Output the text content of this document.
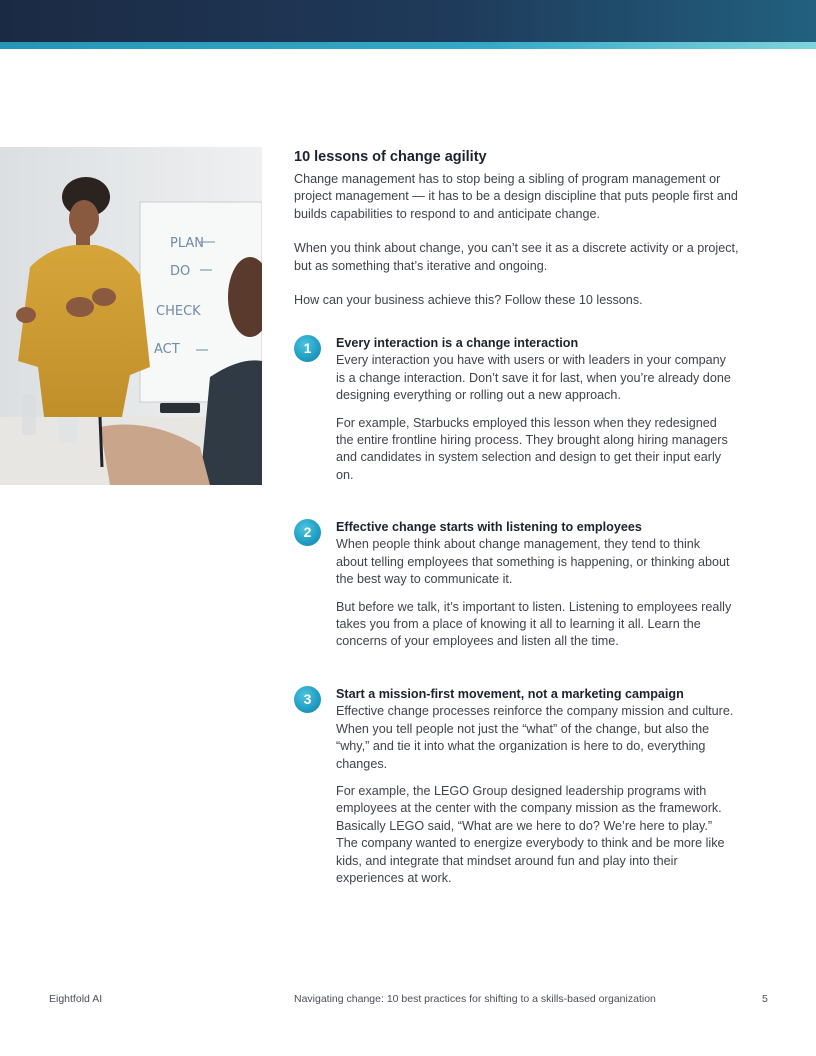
PLAN
DO
CHECK
ACT
10 lessons of change agility

Change management has to stop being a sibling of program management or project management — it has to be a design discipline that puts people first and builds capabilities to respond to and anticipate change.

When you think about change, you can’t see it as a discrete activity or a project, but as something that’s iterative and ongoing.

How can your business achieve this? Follow these 10 lessons.

1	Every interaction is a change interaction

Every interaction you have with users or with leaders in your company is a change interaction. Don’t save it for last, when you’re already done designing everything or rolling out a new approach.

For example, Starbucks employed this lesson when they redesigned the entire frontline hiring process. They brought along hiring managers and candidates in system selection and design to get their input early on.

2	Effective change starts with listening to employees

When people think about change management, they tend to think about telling employees that something is happening, or thinking about the best way to communicate it.

But before we talk, it’s important to listen. Listening to employees really takes you from a place of knowing it all to learning it all. Learn the concerns of your employees and listen all the time.

3	Start a mission-first movement, not a marketing campaign

Effective change processes reinforce the company mission and culture. When you tell people not just the “what” of the change, but also the “why,” and tie it into what the organization is here to do, everything changes.

For example, the LEGO Group designed leadership programs with employees at the center with the company mission as the framework. Basically LEGO said, “What are we here to do? We’re here to play.” The company wanted to energize everybody to think and be more like kids, and integrate that mindset around fun and play into their experiences at work.

Eightfold AI	Navigating change: 10 best practices for shifting to a skills-based organization	5
